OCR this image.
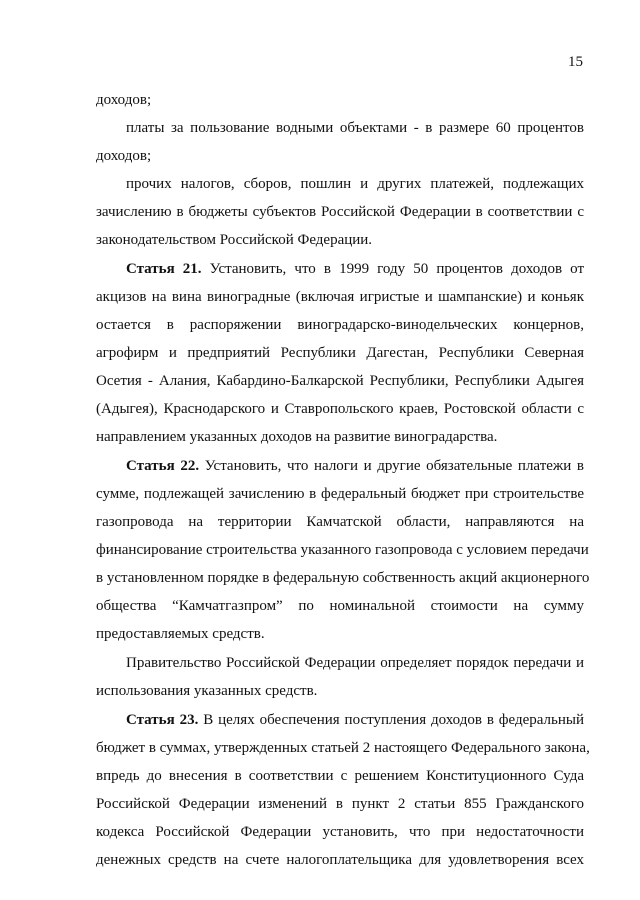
15
доходов;
платы за пользование водными объектами - в размере 60 процентов
доходов;
прочих налогов, сборов, пошлин и других платежей, подлежащих
зачислению в бюджеты субъектов Российской Федерации в соответствии с
законодательством Российской Федерации.
Статья 21. Установить, что в 1999 году 50 процентов доходов от
акцизов на вина виноградные (включая игристые и шампанские) и коньяк
остается в распоряжении виноградарско-винодельческих концернов,
агрофирм и предприятий Республики Дагестан, Республики Северная
Осетия - Алания, Кабардино-Балкарской Республики, Республики Адыгея
(Адыгея), Краснодарского и Ставропольского краев, Ростовской области с
направлением указанных доходов на развитие виноградарства.
Статья 22. Установить, что налоги и другие обязательные платежи в
сумме, подлежащей зачислению в федеральный бюджет при строительстве
газопровода на территории Камчатской области, направляются на
финансирование строительства указанного газопровода с условием передачи
в установленном порядке в федеральную собственность акций акционерного
общества “Камчатгазпром” по номинальной стоимости на сумму
предоставляемых средств.
Правительство Российской Федерации определяет порядок передачи и
использования указанных средств.
Статья 23. В целях обеспечения поступления доходов в федеральный
бюджет в суммах, утвержденных статьей 2 настоящего Федерального закона,
впредь до внесения в соответствии с решением Конституционного Суда
Российской Федерации изменений в пункт 2 статьи 855 Гражданского
кодекса Российской Федерации установить, что при недостаточности
денежных средств на счете налогоплательщика для удовлетворения всех
